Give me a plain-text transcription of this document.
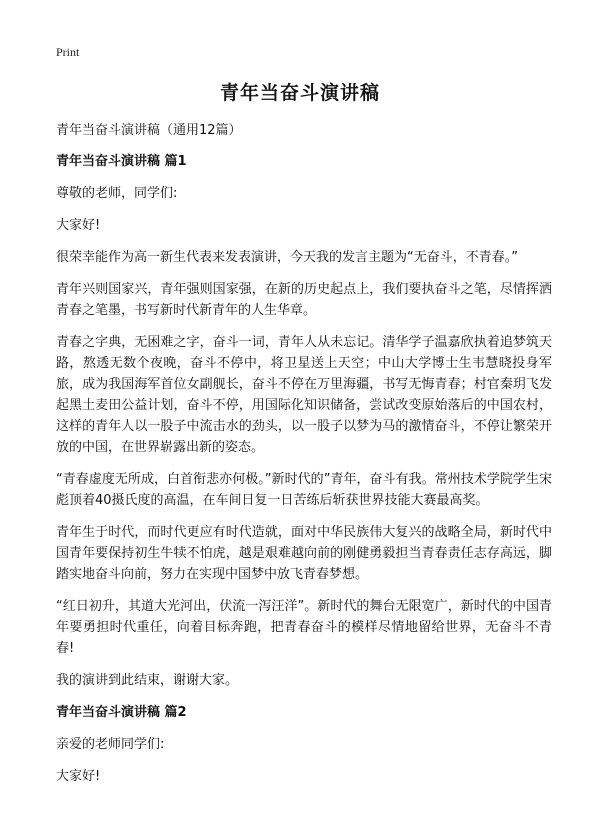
Print
青年当奋斗演讲稿

青年当奋斗演讲稿（通用12篇）

青年当奋斗演讲稿 篇1

尊敬的老师，同学们:

大家好!

很荣幸能作为高一新生代表来发表演讲，今天我的发言主题为“无奋斗，不青春。”

青年兴则国家兴，青年强则国家强，在新的历史起点上，我们要执奋斗之笔，尽情挥洒青春之笔墨，书写新时代新青年的人生华章。

青春之字典，无困难之字，奋斗一词，青年人从未忘记。清华学子温嘉欣执着追梦筑天路，熬透无数个夜晚，奋斗不停中，将卫星送上天空；中山大学博士生韦慧晓投身军旅，成为我国海军首位女副舰长，奋斗不停在万里海疆，书写无悔青春；村官秦玥飞发起黑土麦田公益计划，奋斗不停，用国际化知识储备，尝试改变原始落后的中国农村，这样的青年人以一股子中流击水的劲头，以一股子以梦为马的激情奋斗，不停让繁荣开放的中国，在世界崭露出新的姿态。

“青春虚度无所成，白首衔悲亦何极。”新时代的”青年，奋斗有我。常州技术学院学生宋彪顶着40摄氏度的高温，在车间日复一日苦练后斩获世界技能大赛最高奖。

青年生于时代，而时代更应有时代造就，面对中华民族伟大复兴的战略全局，新时代中国青年要保持初生牛犊不怕虎，越是艰难越向前的刚健勇毅担当青春责任志存高远，脚踏实地奋斗向前，努力在实现中国梦中放飞青春梦想。

“红日初升，其道大光河出，伏流一泻汪洋”。新时代的舞台无限宽广，新时代的中国青年要勇担时代重任，向着目标奔跑，把青春奋斗的模样尽情地留给世界，无奋斗不青春!

我的演讲到此结束，谢谢大家。

青年当奋斗演讲稿 篇2

亲爱的老师同学们:

大家好!
